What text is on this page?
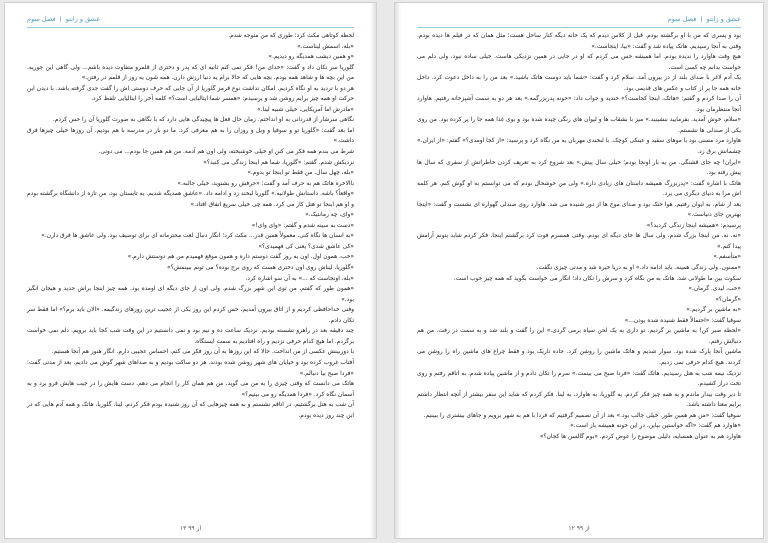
عشق و زانتو
|
فصل سوم

لحظه کوتاهی مکث کرد؛ طوری که من متوجه شدم.

«بله، اسمش لیناست.»

«و همین دیشب همدیگه رو دیدیم.»

گلوریا سر تکان داد و گفت: «خداى من! فکر نمی کنم ثانیه ای که پدر و دختری از قلمرو متفاوت دیده باشم... ولی گاهی این جوریه. من این بچه ها و شاهد همه بودم. بچه هایی که حالا برام یه دنیا ارزش دارن. همه شون یه روز از قلمم در رفتن.»

هر دو با تردید به او نگاه کردیم. امکان نداشت نوع قرمز گلوریا از آن جایی که حرف دوستی اش را گفت جدی گرفته باشد. با دیدن این حرکت او همه چیز برایم روشن شد و پرسیدم: «همسر شما ایتالیایی است؟» کلمه آخر را ایتالیایی تلفظ کرد.

«مادرش اما آمریکایی، خیلی شبیه لینا.»

نگاهی سرشار از قدردانی به او انداختم. زمان حال فعل ها پیچیدگی هایی دارد که با نگاهی به صورت گلوریا آن را حس کردم.

اما بعد گفت: «گلوریا تو و سوفیا و ویل و روزان را به هم معرفی کرد. ما دو بار در مدرسه با هم بودیم. آن روزها خیلی چیزها فرق داشت.»

شرط می بندم همه فکر می کنن او خیلی خوشبخته، ولی اون هم آدمه. من هم همین جا بودم... می دونی.

نزدیکش شدم. گفتم: «گلوریا، شما هم اینجا زندگی می کنید؟»

«بله، چهل سال. من فقط تو اینجا تو بدوم.»

باالاخره هاتک هم به حرف آمد و گفت: «حرفش رو بشنوید، خیلی جالبه.»

«واقعاً؟ باشه. داستانش طولانیه.» گلوریا لبخند زد و ادامه داد. «عاشق همدیگه شدیم. یه تابستان بود، من تازه از دانشگاه برگشته بودم و او هم اینجا تو هتل کار می کرد. همه چی خیلی سریع اتفاق افتاد.»

«وای، چه رمانتیک.»

«دست به سینه شدم و گفتم: «وای وای!»

«به انسان ها نگاه کنی، معمولاً همین قدر... مکث کرد؛ انگار دنبال لغت محترمانه ای برای توصیف بود. ولی عاشق ها فرق دارن.»

«کی عاشق شدی؟ یعنی کی فهمیدی؟»

«خب، همون اول. اون یه روز گفت دوستم داره و همون موقع فهمیدم من هم دوستش دارم.»

«گلوریا، لیناش روی اون دختری هست که روی برج بوده؟ می تونم ببینمش؟»

«بله، اونجاست که ...» به آن سو اشاره کرد.

«همون طور که گفتم، من توی این شهر بزرگ شدم. ولی اون از جای دیگه ای اومده بود. همه چیز اینجا براش جدید و هیجان انگیز بود.»

وقتی خداحافظی کردیم و از اتاق بیرون آمدیم، حس کردم این روز یکی از عجیب ترین روزهای زندگیمه. «الان باید برم؟» اما فقط سر تکان دادم.

چند دقیقه بعد در راهرو نشسته بودیم. نزدیک ساعت ده و نیم بود و نمی دانستیم در این وقت شب کجا باید برویم. دلم نمی خواست برگردم. اما هیچ کدام حرفی نزدیم و راه افتادیم به سمت ایستگاه.

با دوربینش عکسی از من انداخت. حالا که این روزها به آن روز فکر می کنم، احساس عجیبی دارم. انگار هنوز هم آنجا هستیم.

آفتاب غروب کرده بود و خیابان های شهر روشن شده بودند. هر دو ساکت بودیم و به صداهای شهر گوش می دادیم. بعد از مدتی گفت: «فردا صبح بیا دنبالم.»

هاتک می دانست که وقتی چیزی را به من می گوید، من هم همان کار را انجام می دهم. دست هایش را در جیب هایش فرو برد و به آسمان نگاه کرد. «فردا همدیگه رو می بینیم؟»

آن شب به هتل برگشتیم. در اتاقم نشستم و به همه چیزهایی که آن روز شنیده بودم فکر کردم. لینا، گلوریا، هاتک و همه آدم هایی که در این چند روز دیده بودم.

۱۳ از ۹۹
عشق و زانتو
|
فصل سوم

بود و پسری که من با او برگشته بودم. قبل از کلاس دیدم که یک خانه دیگه کنار ساحل هست؛ مثل همان که در فیلم ها دیده بودم. وقتی به آنجا رسیدیم، هاتک پیاده شد و گفت: «بیا، اینجاست.»

هیچ وقت هاوارد را ندیده بودم. اما همیشه حس می کردم که او در جایی در همین نزدیکی هاست. خیلی ساده نبود، ولی دلم می خواست بدانم چه کسی است.

یک آدم لاغر با صدای بلند از در بیرون آمد. سلام کرد و گفت: «شما باید دوست هاتک باشید.» بعد من را به داخل دعوت کرد. داخل خانه همه جا پر از کتاب و عکس های قدیمی بود.

آن را صدا کردم و گفتم: «هاتک، اینجا کجاست؟» خندید و جواب داد: «خونه پدربزرگمه.» بعد هر دو به سمت آشپزخانه رفتیم. هاوارد آنجا منتظرمان بود.

«سلام، خوش آمدید. بفرمایید بنشینید.» میز با بشقاب ها و لیوان های رنگی چیده شده بود و بوی غذا همه جا را پر کرده بود. من روی یکی از صندلی ها نشستم.

هاوارد مرد مسنی بود با موهای سفید و عینکی کوچک. با لبخندی مهربان به من نگاه کرد و پرسید: «از کجا اومدی؟» گفتم: «از ایران.» چشمانش برق زد.

«ایران! چه جای قشنگی. من یه بار اونجا بودم؛ خیلی سال پیش.» بعد شروع کرد به تعریف کردن خاطراتش از سفری که سال ها پیش رفته بود.

هاتک با اشاره گفت: «پدربزرگ همیشه داستان های زیادی داره.» ولی من خوشحال بودم که می توانستم به او گوش کنم. هر کلمه اش مرا به دنیای دیگری می برد.

بعد از شام، به ایوان رفتیم. هوا خنک بود و صدای موج ها از دور شنیده می شد. هاوارد روی صندلی گهواره ای نشست و گفت: «اینجا بهترین جای دنیاست.»

پرسیدم: «همیشه اینجا زندگی کردید؟»

«نه، نه. من اینجا بزرگ شدم، ولی سال ها جای دیگه ای بودم. وقتی همسرم فوت کرد برگشتم اینجا. فکر کردم شاید بتونم آرامش پیدا کنم.»

«متأسفم.»

«ممنون. ولی زندگی همینه. باید ادامه داد.» او به دریا خیره شد و مدتی چیزی نگفت.

سکوت بین ما طولانی شد. هاتک به من نگاه کرد و سرش را تکان داد؛ انگار می خواست بگوید که همه چیز خوب است.

«خب، لیدی. گرمان.»

«گرمان؟»

«به ماشین بر گردیم.»

سوفیا گفت: «احتمالاً فقط شنیده شده بودن...»

«لحظه صبر کن! به ماشین بر گردیم. تو داری به یک لحن سیاه برمی گردی.» این را گفت و بلند شد و به سمت در رفت. من هم دنبالش رفتم.

ماشین آنجا پارک شده بود. سوار شدیم و هاتک ماشین را روشن کرد. جاده تاریک بود و فقط چراغ های ماشین راه را روشن می کردند. هیچ کدام حرفی نمی زدیم.

نزدیک نیمه شب به هتل رسیدیم. هاتک گفت: «فردا صبح می بینمت.» سرم را تکان دادم و از ماشین پیاده شدم. به اتاقم رفتم و روی تخت دراز کشیدم.

تا دیر وقت بیدار ماندم و به همه چیز فکر کردم. به گلوریا، به هاوارد، به لینا. فکر کردم که شاید این سفر بیشتر از آنچه انتظار داشتم برایم معنا داشته باشد.

سوفیا گفت: «من هم همین طور. خیلی جالب بود.» بعد از آن تصمیم گرفتیم که فردا با هم به شهر برویم و جاهای بیشتری را ببینیم.

«هاوارد هم گفت: «اگه خواستین بیاین، درِ این خونه همیشه باز است.»

هاوارد هم به عنوان همسایه، دلیلی موضوع را عوض کردم. «بوم گالسن ها کجان؟»

۱۲ از ۹۹
